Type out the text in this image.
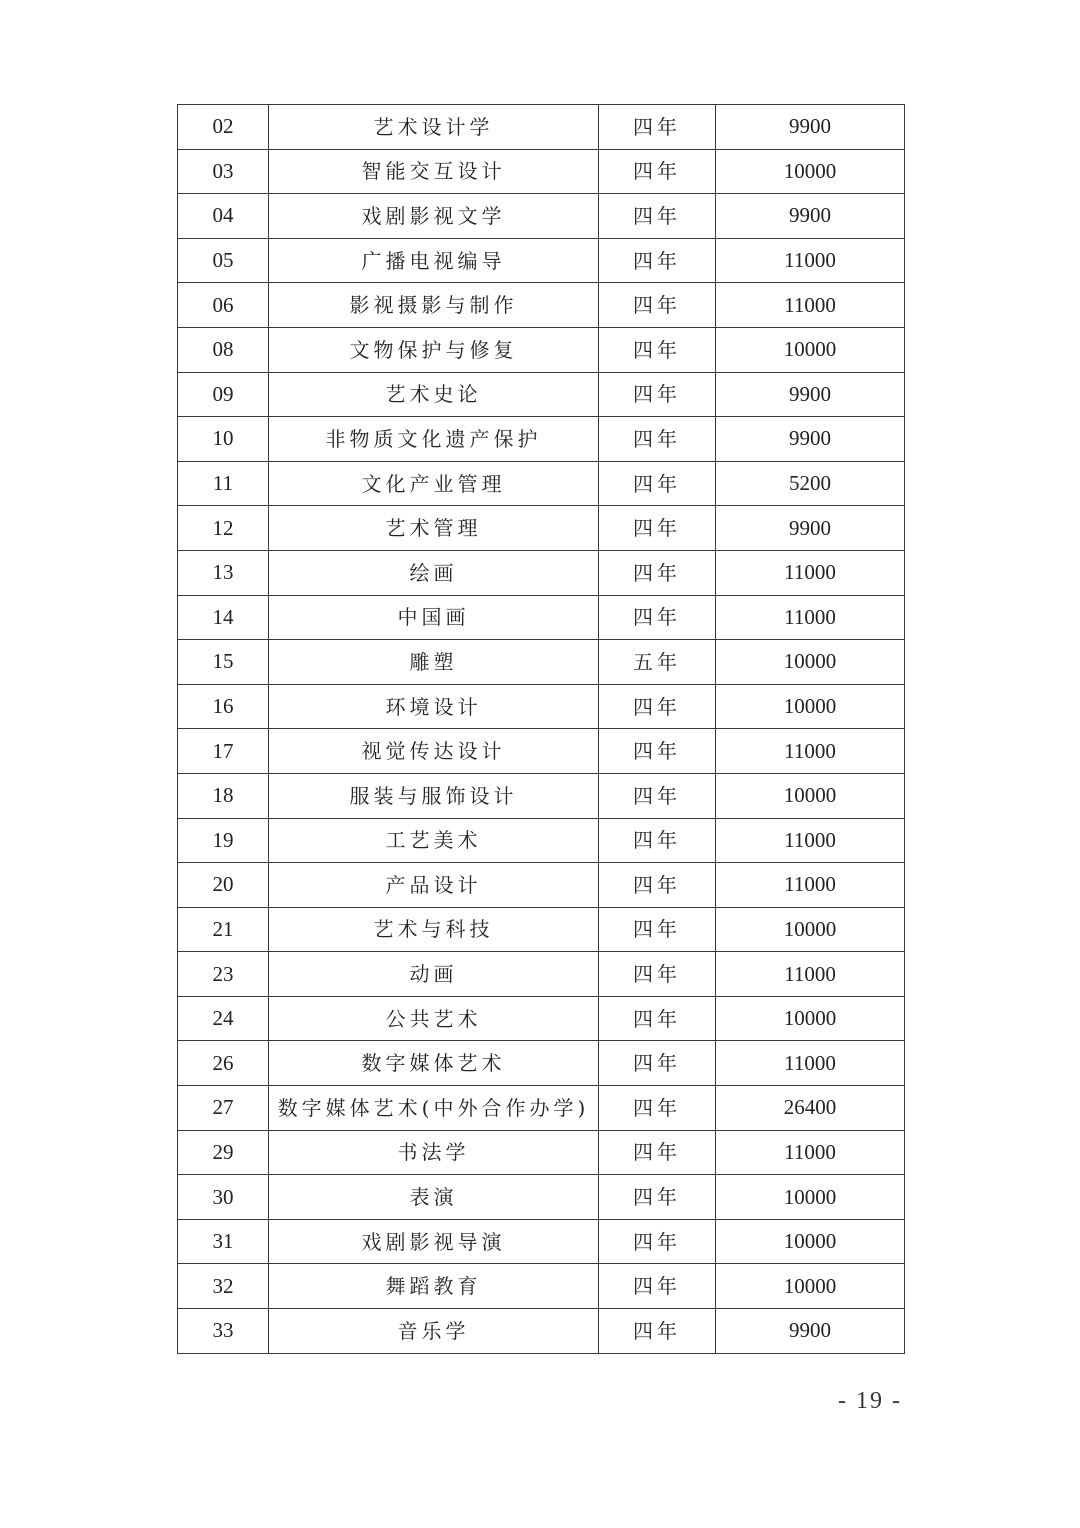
02	艺术设计学	四年	9900
03	智能交互设计	四年	10000
04	戏剧影视文学	四年	9900
05	广播电视编导	四年	11000
06	影视摄影与制作	四年	11000
08	文物保护与修复	四年	10000
09	艺术史论	四年	9900
10	非物质文化遗产保护	四年	9900
11	文化产业管理	四年	5200
12	艺术管理	四年	9900
13	绘画	四年	11000
14	中国画	四年	11000
15	雕塑	五年	10000
16	环境设计	四年	10000
17	视觉传达设计	四年	11000
18	服装与服饰设计	四年	10000
19	工艺美术	四年	11000
20	产品设计	四年	11000
21	艺术与科技	四年	10000
23	动画	四年	11000
24	公共艺术	四年	10000
26	数字媒体艺术	四年	11000
27	数字媒体艺术(中外合作办学)	四年	26400
29	书法学	四年	11000
30	表演	四年	10000
31	戏剧影视导演	四年	10000
32	舞蹈教育	四年	10000
33	音乐学	四年	9900
- 19 -
